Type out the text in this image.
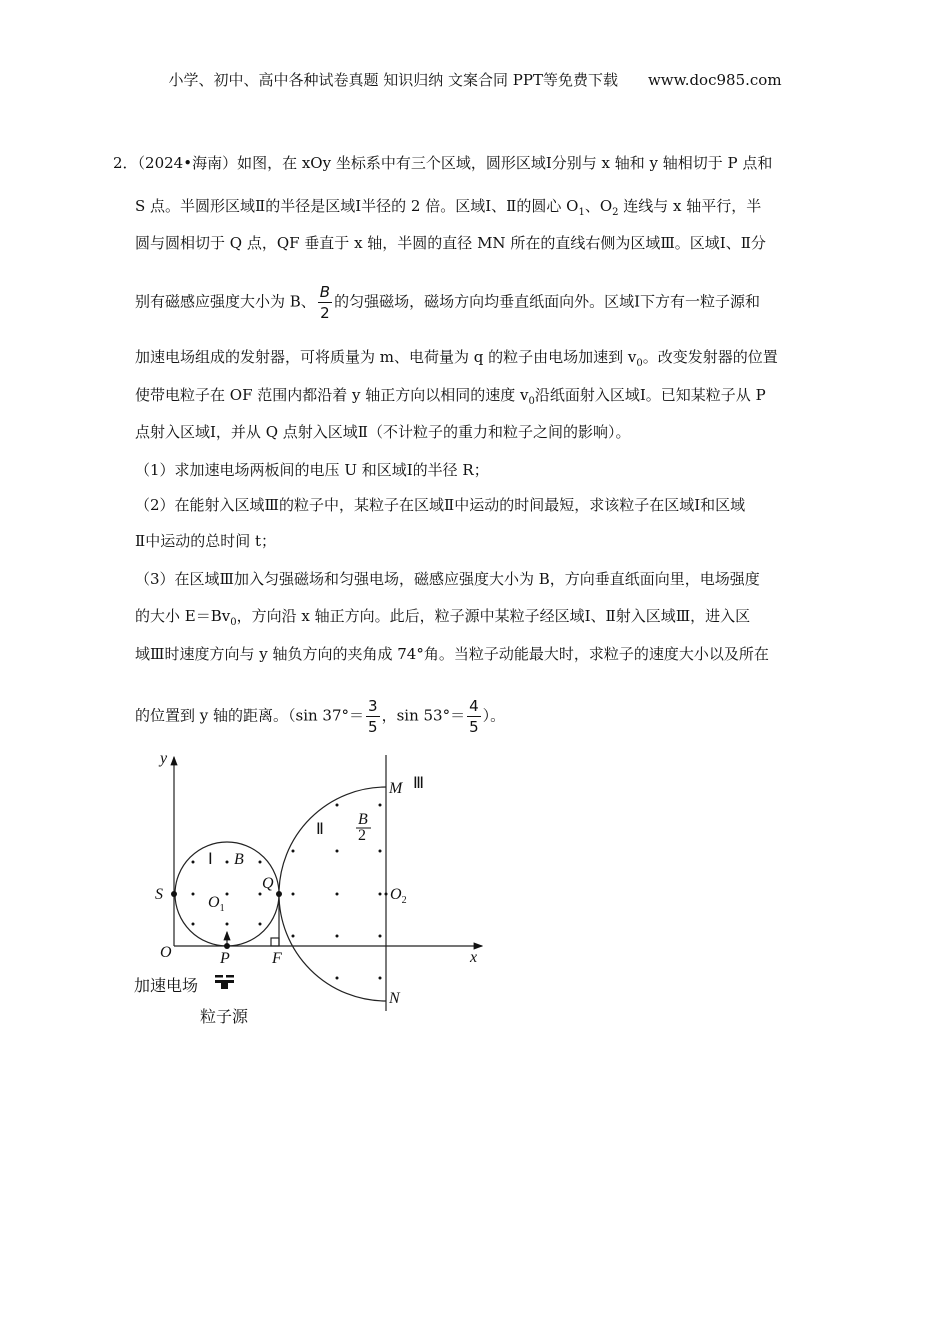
小学、初中、高中各种试卷真题 知识归纳 文案合同 PPT等免费下载　　www.doc985.com
2．（2024•海南）如图，在 xOy 坐标系中有三个区域，圆形区域Ⅰ分别与 x 轴和 y 轴相切于 P 点和
S 点。半圆形区域Ⅱ的半径是区域Ⅰ半径的 2 倍。区域Ⅰ、Ⅱ的圆心 $O_1$、$O_2$ 连线与 x 轴平行，半
圆与圆相切于 Q 点，QF 垂直于 x 轴，半圆的直径 MN 所在的直线右侧为区域Ⅲ。区域Ⅰ、Ⅱ分
别有磁感应强度大小为 B、 $\frac{B}{2}$ 的匀强磁场，磁场方向均垂直纸面向外。区域Ⅰ下方有一粒子源和
加速电场组成的发射器，可将质量为 m、电荷量为 q 的粒子由电场加速到 $v_0$。改变发射器的位置
使带电粒子在 OF 范围内都沿着 y 轴正方向以相同的速度 $v_0$沿纸面射入区域Ⅰ。已知某粒子从 P
点射入区域Ⅰ，并从 Q 点射入区域Ⅱ（不计粒子的重力和粒子之间的影响）。
（1）求加速电场两板间的电压 U 和区域Ⅰ的半径 R；
（2）在能射入区域Ⅲ的粒子中，某粒子在区域Ⅱ中运动的时间最短，求该粒子在区域Ⅰ和区域
Ⅱ中运动的总时间 t；
（3）在区域Ⅲ加入匀强磁场和匀强电场，磁感应强度大小为 B，方向垂直纸面向里，电场强度
的大小 $E=Bv_0$，方向沿 x 轴正方向。此后，粒子源中某粒子经区域Ⅰ、Ⅱ射入区域Ⅲ，进入区
域Ⅲ时速度方向与 y 轴负方向的夹角成 74°角。当粒子动能最大时，求粒子的速度大小以及所在
的位置到 y 轴的距离。（sin $37^\circ= \frac{3}{5}$ ，$\sin 53^\circ= \frac{4}{5}$ ）。
y
x
O
S
P
Q
F
$O_1$
$O_2$
M
N
B
B
2
Ⅰ
Ⅱ
Ⅲ
加速电场
粒子源
